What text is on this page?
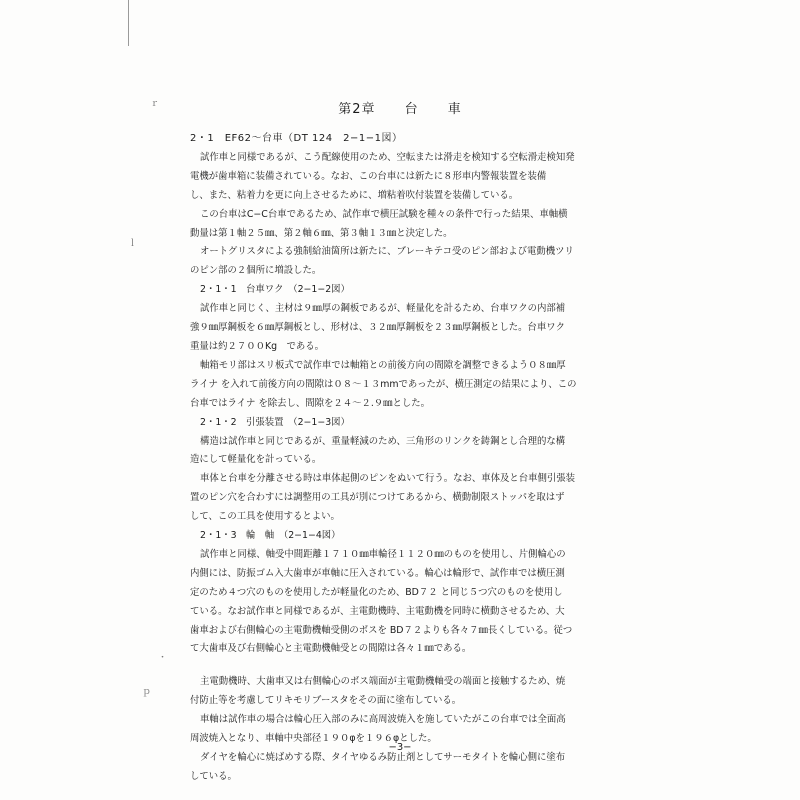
ｒ
ｌ
ｐ
・
第2章 台 車

2・1　EF62～台車（DT 124　2−1−1図）

試作車と同様であるが、こう配線使用のため、空転または滑走を検知する空転滑走検知発

電機が歯車箱に装備されている。なお、この台車には新たに８形車内警報装置を装備

し、また、粘着力を更に向上させるために、増粘着吹付装置を装備している。

この台車はC−C台車であるため、試作車で横圧試験を種々の条件で行った結果、車軸横

動量は第１軸２５㎜、第２軸６㎜、第３軸１３㎜と決定した。

オートグリスタによる強制給油箇所は新たに、ブレーキテコ受のピン部および電動機ツリ

のピン部の２個所に増設した。

2・1・1　台車ワク　（2−1−2図）

試作車と同じく、主材は９㎜厚の鋼板であるが、軽量化を計るため、台車ワクの内部補

強９㎜厚鋼板を６㎜厚鋼板とし、形材は、３２㎜厚鋼板を２３㎜厚鋼板とした。台車ワク

重量は約２７００Kg　である。

軸箱モリ部はスリ板式で試作車では軸箱との前後方向の間隙を調整できるよう０８㎜厚

ライナ を入れて前後方向の間隙は０８～１３mmであったが、横圧測定の結果により、この

台車ではライナ を除去し、間隙を２４～２.９㎜とした。

2・1・2　引張装置　（2−1−3図）

構造は試作車と同じであるが、重量軽減のため、三角形のリンクを鋳鋼とし合理的な構

造にして軽量化を計っている。

車体と台車を分離させる時は車体起側のピンをぬいて行う。なお、車体及と台車側引張装

置のピン穴を合わすには調整用の工具が別につけてあるから、横動制限ストッパを取はず

して、この工具を使用するとよい。

2・1・3　輪　軸　（2−1−4図）

試作車と同様、軸受中間距離１７１０㎜車輪径１１２０㎜のものを使用し、片側輪心の

内側には、防振ゴム入大歯車が車軸に圧入されている。輪心は輪形で、試作車では横圧測

定のため４つ穴のものを使用したが軽量化のため、BD７２ と同じ５つ穴のものを使用し

ている。なお試作車と同様であるが、主電動機時、主電動機を同時に横動させるため、大

歯車および右側輪心の主電動機軸受側のボスを BD７２よりも各々７㎜長くしている。従つ

て大歯車及び右側輪心と主電動機軸受との間隙は各々１㎜である。

主電動機時、大歯車又は右側輪心のボス端面が主電動機軸受の端面と接触するため、焼

付防止等を考慮してリキモリブースタをその面に塗布している。

車軸は試作車の場合は輪心圧入部のみに高周波焼入を施していたがこの台車では全面高

周波焼入となり、車軸中央部径１９０φを１９６φとした。

ダイヤを輪心に焼ばめする際、タイヤゆるみ防止剤としてサーモタイトを輪心側に塗布

している。

−3−
